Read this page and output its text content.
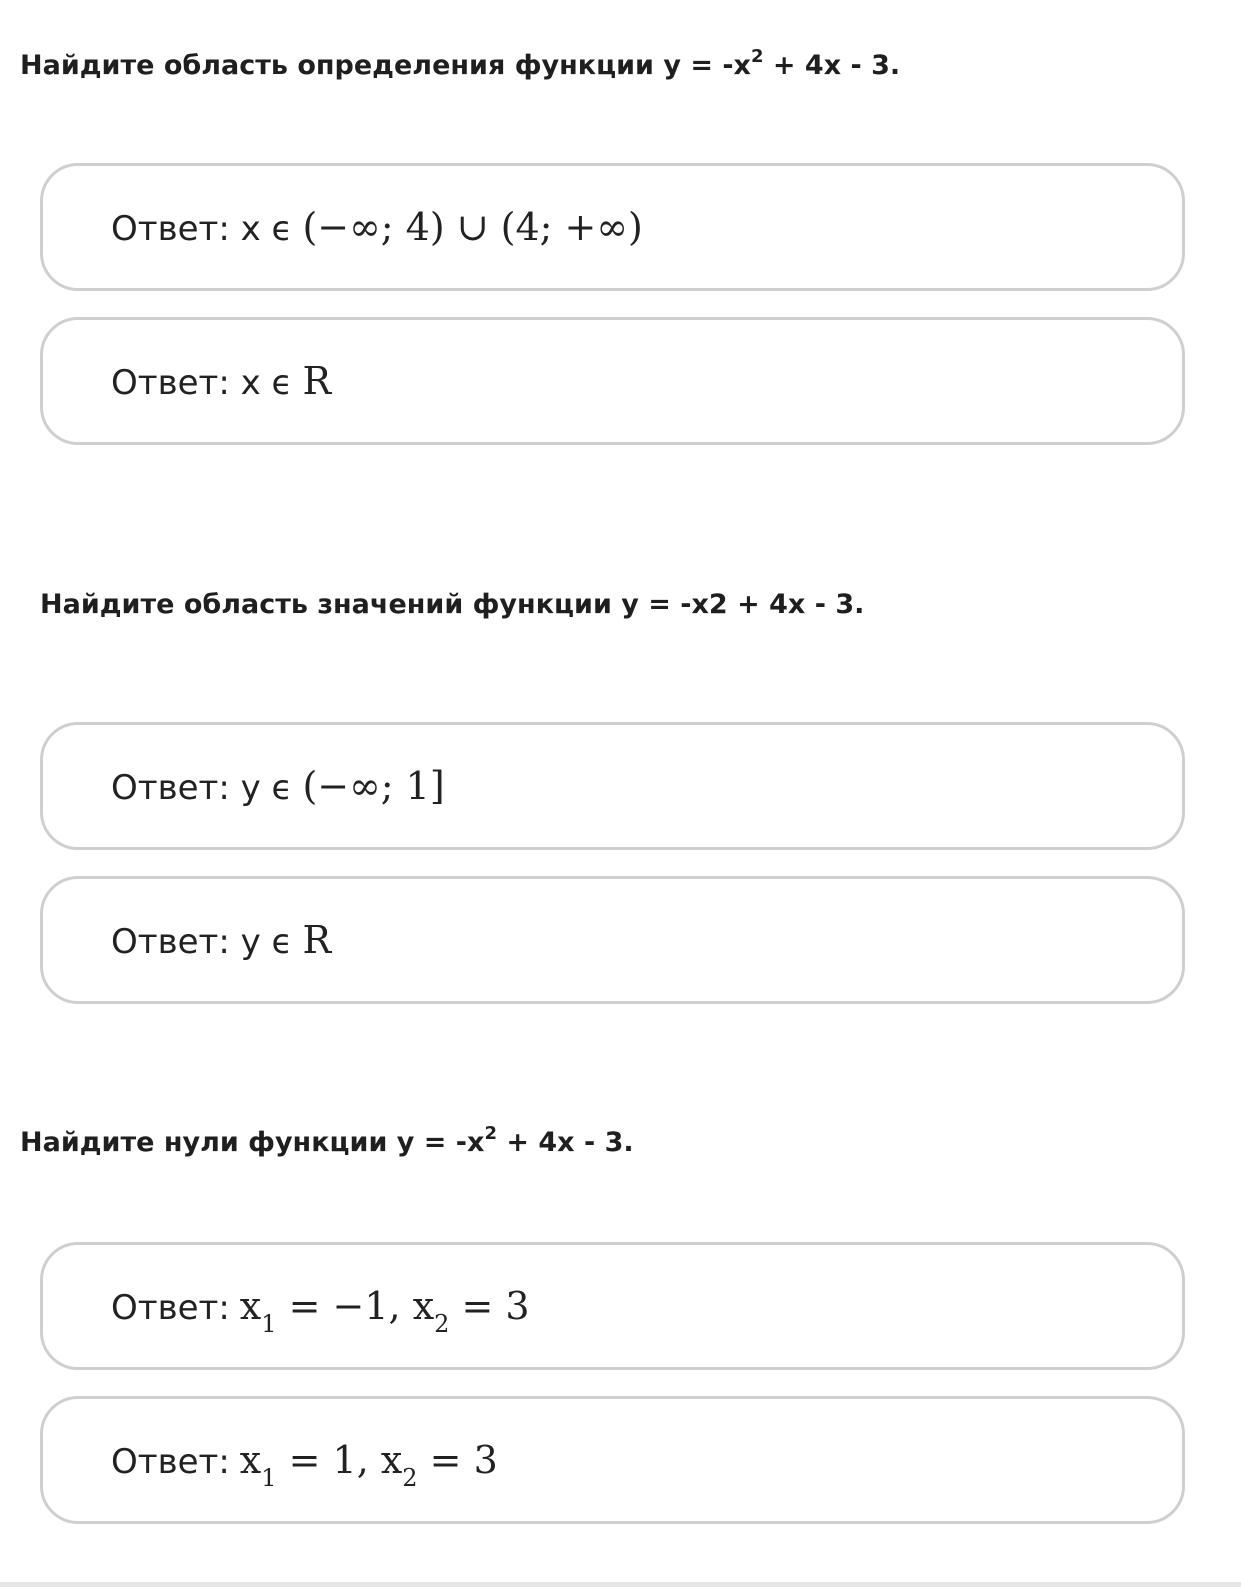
Найдите область определения функции $y = -x^2 + 4x - 3$.
Ответ: x ϵ (−∞; 4) ∪ (4; +∞)
Ответ: x ϵ R
Найдите область значений функции y = -x2 + 4x - 3.
Ответ: y ϵ (−∞; 1]
Ответ: y ϵ R
Найдите нули функции $y = -x^2 + 4x - 3$.
Ответ: $x_1 = -1$, $x_2 = 3$
Ответ: $x_1 = 1$, $x_2 = 3$
